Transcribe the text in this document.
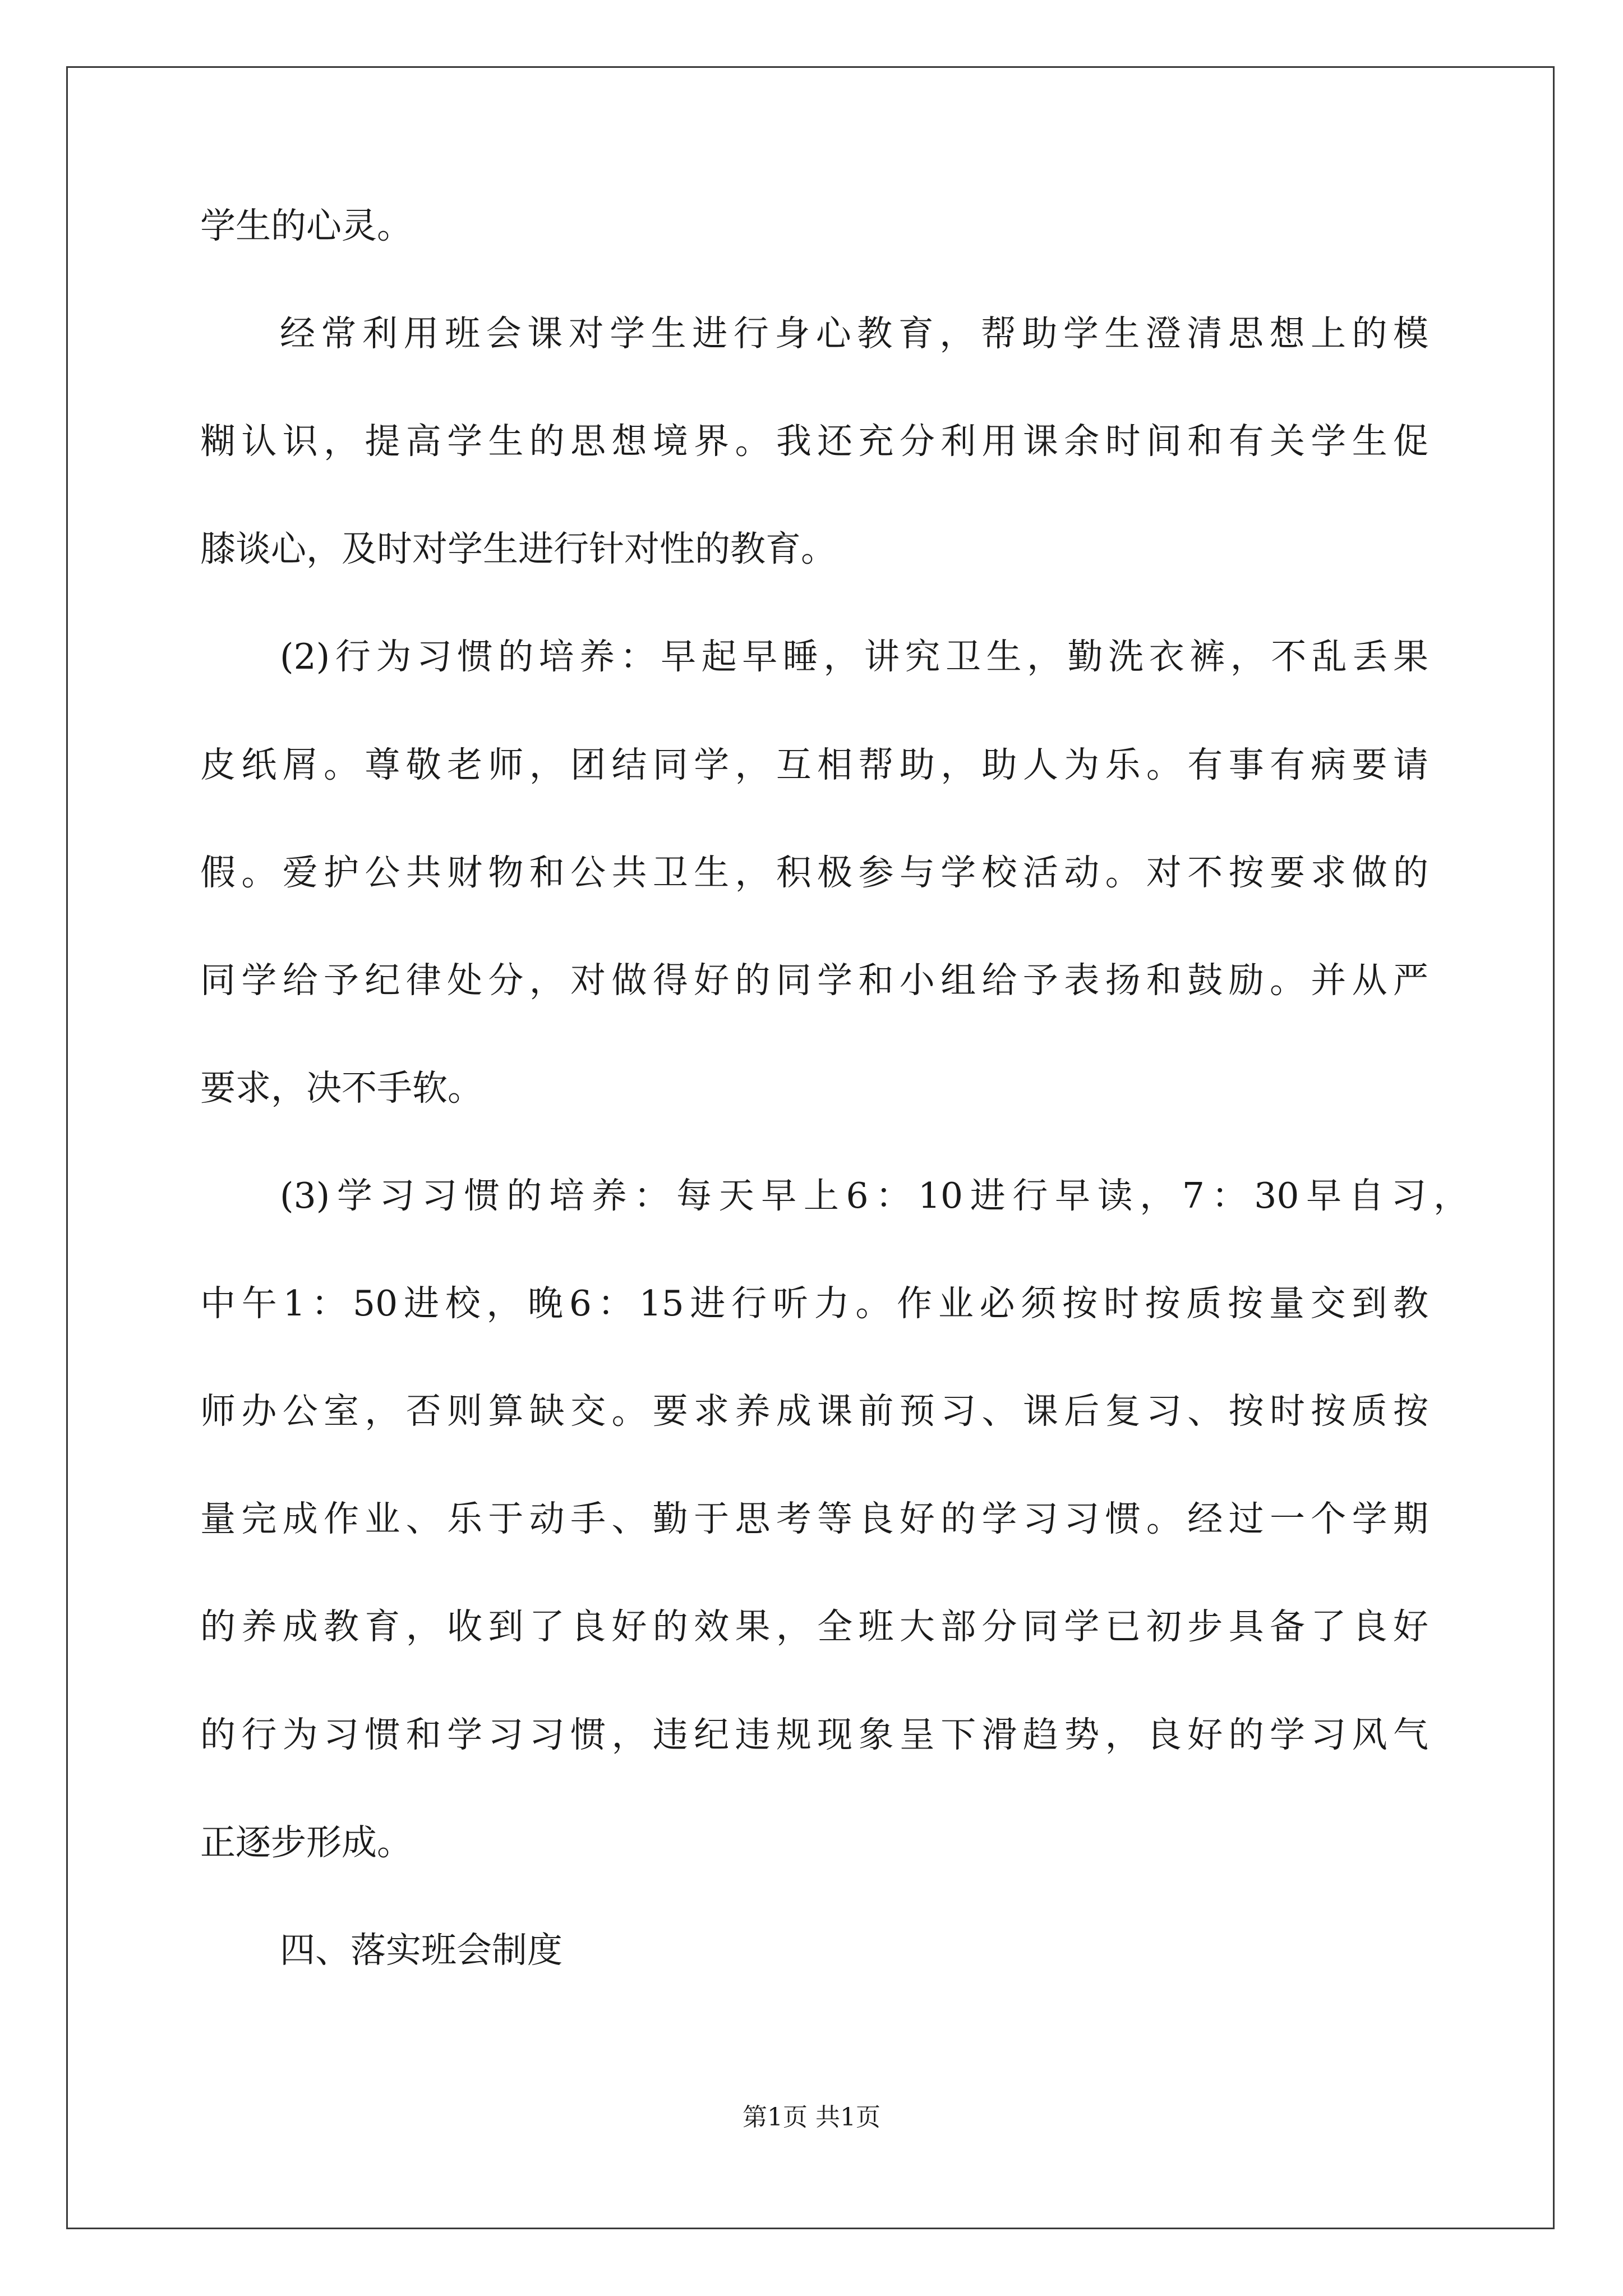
学生的心灵。
经常利用班会课对学生进行身心教育，帮助学生澄清思想上的模
糊认识，提高学生的思想境界。我还充分利用课余时间和有关学生促
膝谈心，及时对学生进行针对性的教育。
(2)行为习惯的培养：早起早睡，讲究卫生，勤洗衣裤，不乱丢果
皮纸屑。尊敬老师，团结同学，互相帮助，助人为乐。有事有病要请
假。爱护公共财物和公共卫生，积极参与学校活动。对不按要求做的
同学给予纪律处分，对做得好的同学和小组给予表扬和鼓励。并从严
要求，决不手软。
(3)学习习惯的培养：每天早上6：10进行早读，7：30早自习，
中午1：50进校，晚6：15进行听力。作业必须按时按质按量交到教
师办公室，否则算缺交。要求养成课前预习、课后复习、按时按质按
量完成作业、乐于动手、勤于思考等良好的学习习惯。经过一个学期
的养成教育，收到了良好的效果，全班大部分同学已初步具备了良好
的行为习惯和学习习惯，违纪违规现象呈下滑趋势，良好的学习风气
正逐步形成。
四、落实班会制度
第1页 共1页
